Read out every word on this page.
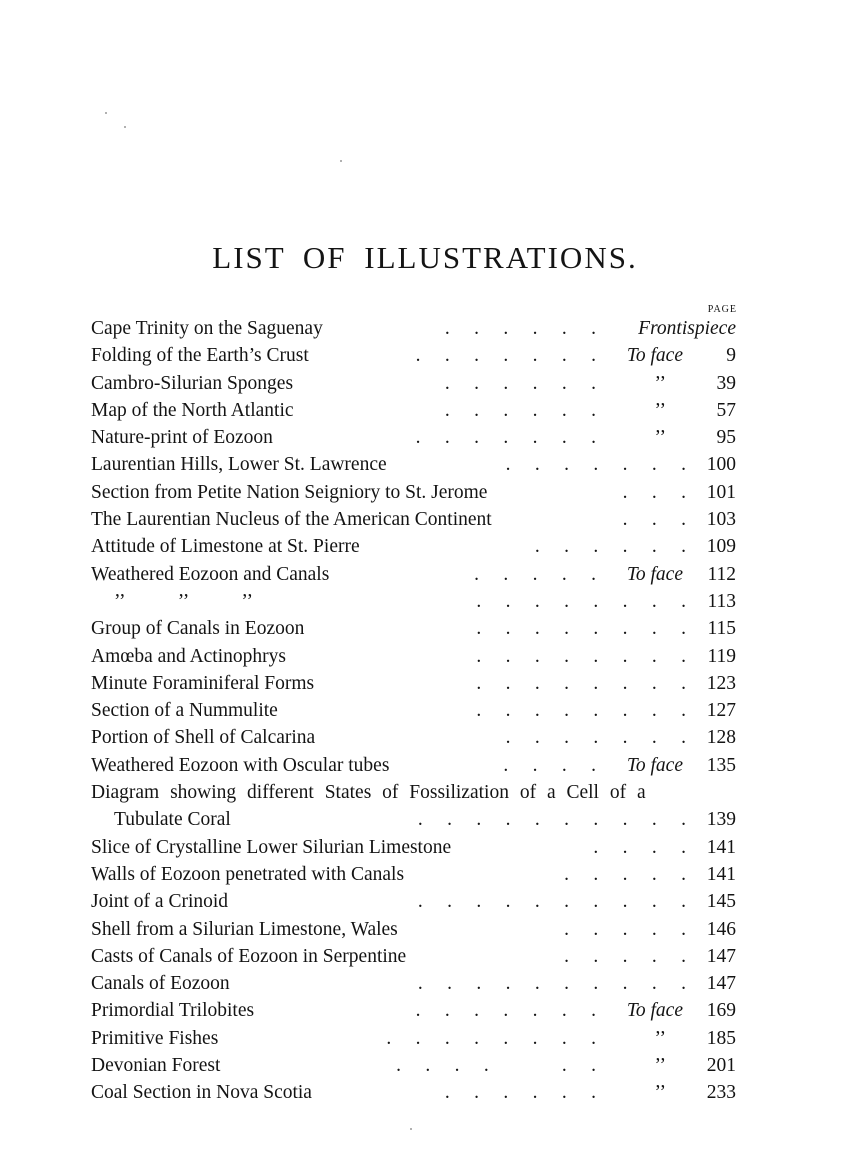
LIST OF ILLUSTRATIONS.
PAGE
Cape Trinity on the Saguenay	.     .     .     .     .     . Frontispiece
Folding of the Earth’s Crust	.     .     .     .     .     .     . To face 9
Cambro-Silurian Sponges	.     .     .     .     .     .	’’	39
Map of the North Atlantic	.     .     .     .     .     .	’’	57
Nature-print of Eozoon	.     .     .     .     .     .     .	’’	95
Laurentian Hills, Lower St. Lawrence	.     .     .     .     .     .     . 100
Section from Petite Nation Seigniory to St. Jerome	.     .     . 101
The Laurentian Nucleus of the American Continent	.     .     . 103
Attitude of Limestone at St. Pierre	.     .     .     .     .     . 109
Weathered Eozoon and Canals	.     .     .     .     . To face 112
’’           ’’           ’’	.     .     .     .     .     .     .     . 113
Group of Canals in Eozoon	.     .     .     .     .     .     .     . 115
Amœba and Actinophrys	.     .     .     .     .     .     .     . 119
Minute Foraminiferal Forms	.     .     .     .     .     .     .     . 123
Section of a Nummulite	.     .     .     .     .     .     .     . 127
Portion of Shell of Calcarina	.     .     .     .     .     .     . 128
Weathered Eozoon with Oscular tubes	.     .     .     . To face 135
Diagram showing different States of Fossilization of a Cell of a
Tubulate Coral	.     .     .     .     .     .     .     .     .     . 139
Slice of Crystalline Lower Silurian Limestone	.     .     .     . 141
Walls of Eozoon penetrated with Canals	.     .     .     .     . 141
Joint of a Crinoid	.     .     .     .     .     .     .     .     .     . 145
Shell from a Silurian Limestone, Wales	.     .     .     .     . 146
Casts of Canals of Eozoon in Serpentine	.     .     .     .     . 147
Canals of Eozoon	.     .     .     .     .     .     .     .     .     . 147
Primordial Trilobites	.     .     .     .     .     .     . To face 169
Primitive Fishes	.     .     .     .     .     .     .     .	’’ 185
Devonian Forest	.     .     .     .               .     .	’’ 201
Coal Section in Nova Scotia	.     .     .     .     .     .	’’ 233
